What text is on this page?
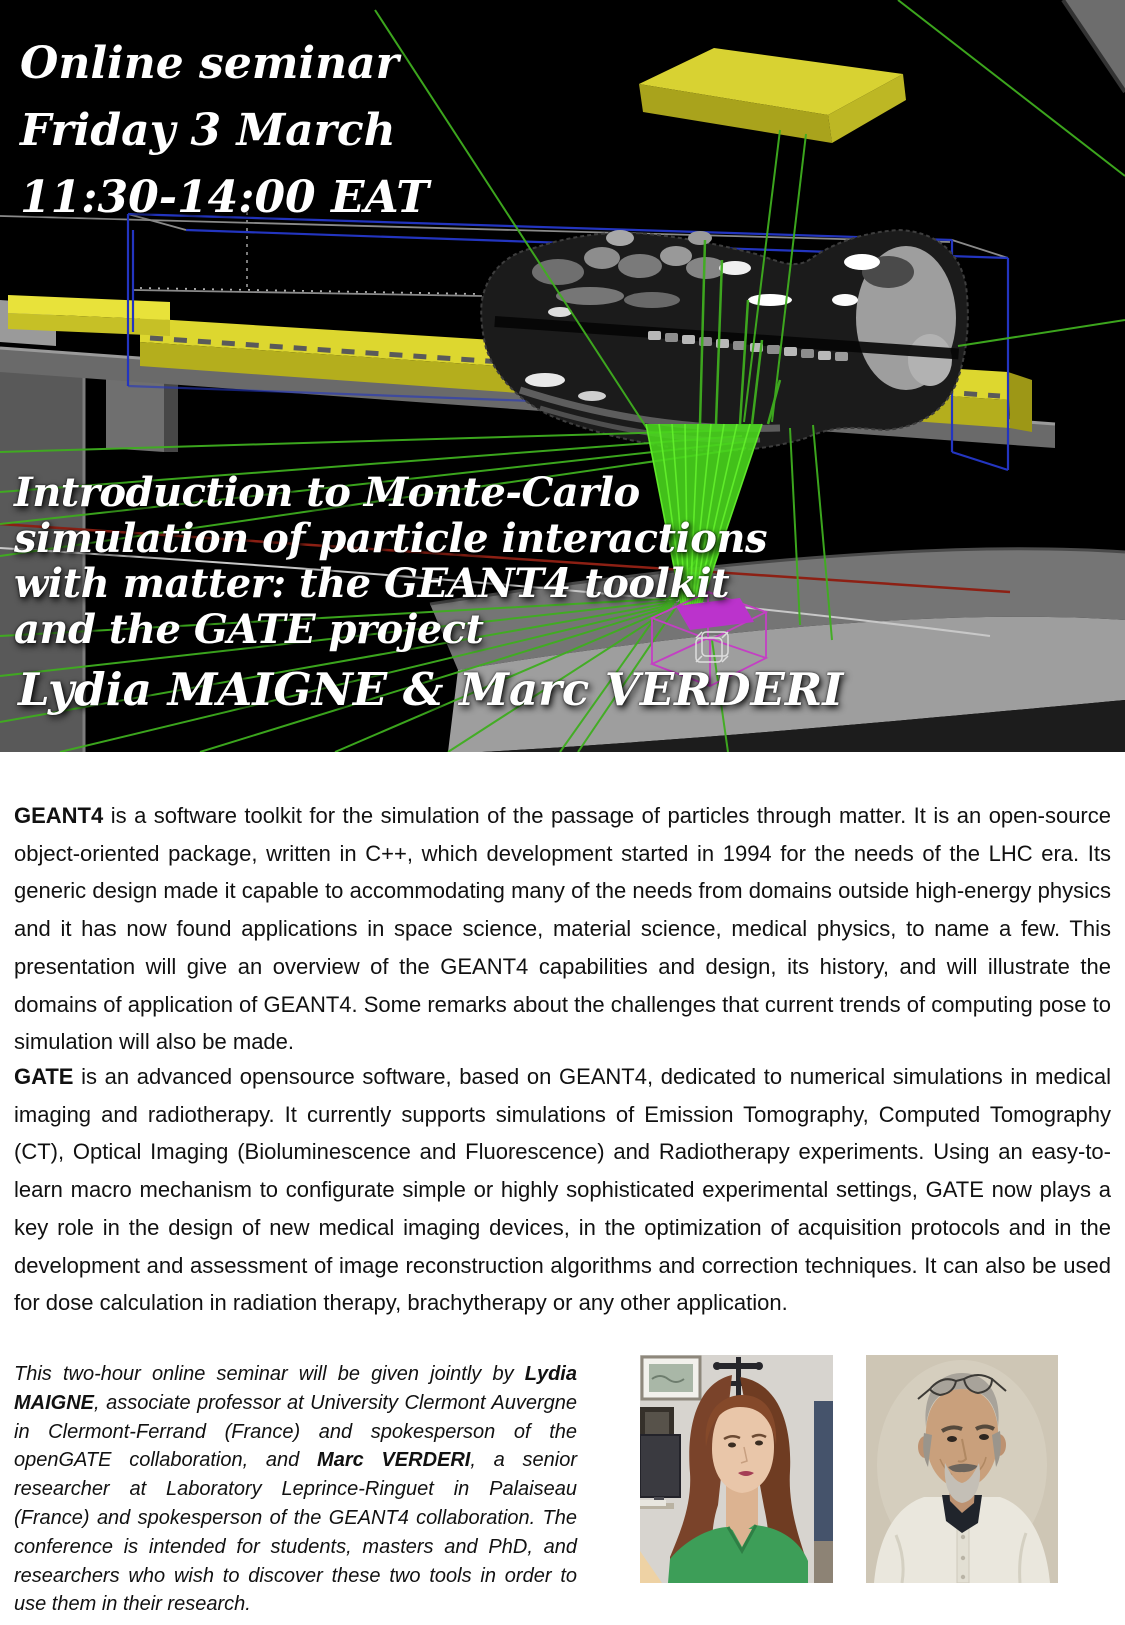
Online seminar
Friday 3 March
11:30-14:00 EAT
Introduction to Monte-Carlo
simulation of particle interactions
with matter: the GEANT4 toolkit
and the GATE project
Lydia MAIGNE & Marc VERDERI

GEANT4 is a software toolkit for the simulation of the passage of particles through matter. It is an open-source object-oriented package, written in C++, which development started in 1994 for the needs of the LHC era. Its generic design made it capable to accommodating many of the needs from domains outside high-energy physics and it has now found applications in space science, material science, medical physics, to name a few. This presentation will give an overview of the GEANT4 capabilities and design, its history, and will illustrate the domains of application of GEANT4. Some remarks about the challenges that current trends of computing pose to simulation will also be made.

GATE is an advanced opensource software, based on GEANT4, dedicated to numerical simulations in medical imaging and radiotherapy. It currently supports simulations of Emission Tomography, Computed Tomography (CT), Optical Imaging (Bioluminescence and Fluorescence) and Radiotherapy experiments. Using an easy-to-learn macro mechanism to configurate simple or highly sophisticated experimental settings, GATE now plays a key role in the design of new medical imaging devices, in the optimization of acquisition protocols and in the development and assessment of image reconstruction algorithms and correction techniques. It can also be used for dose calculation in radiation therapy, brachytherapy or any other application.

This two-hour online seminar will be given jointly by Lydia MAIGNE, associate professor at University Clermont Auvergne in Clermont-Ferrand (France) and spokesperson of the openGATE collaboration, and Marc VERDERI, a senior researcher at Laboratory Leprince-Ringuet in Palaiseau (France) and spokesperson of the GEANT4 collaboration. The conference is intended for students, masters and PhD, and researchers who wish to discover these two tools in order to use them in their research.
